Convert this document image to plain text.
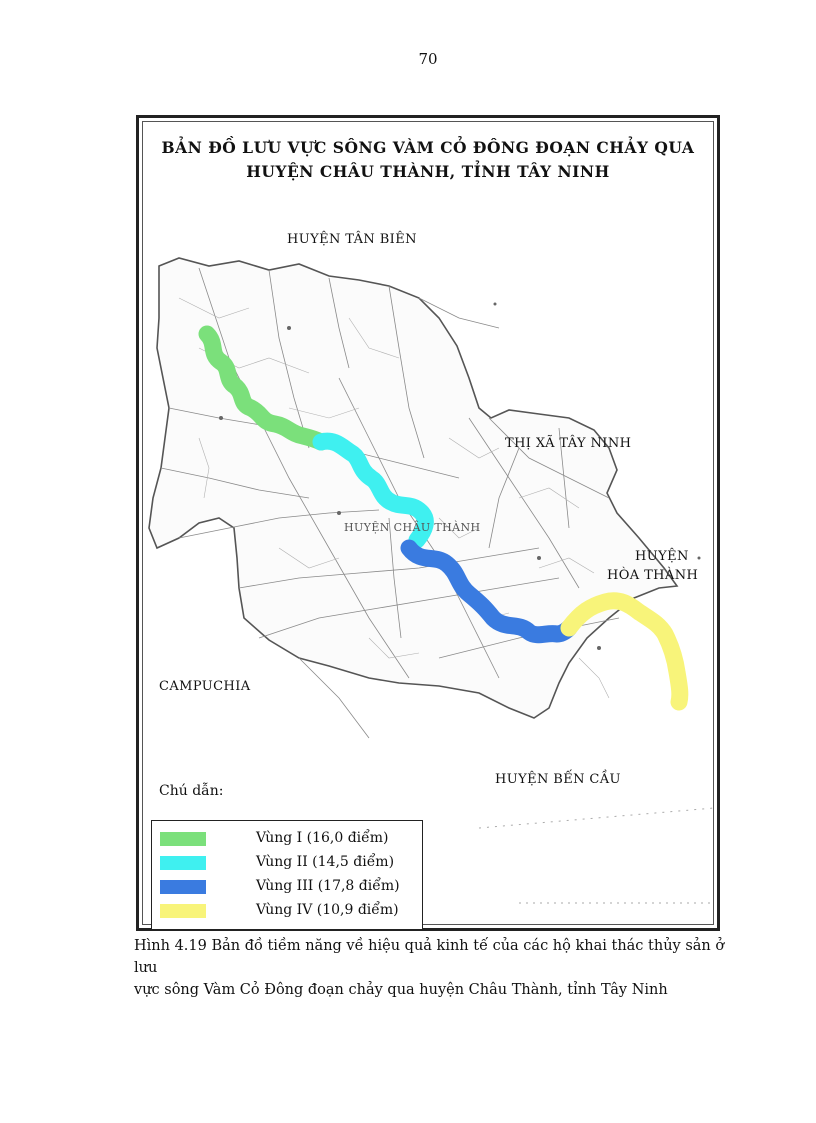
70
BẢN ĐỒ LƯU VỰC SÔNG VÀM CỎ ĐÔNG ĐOẠN CHẢY QUA
HUYỆN CHÂU THÀNH, TỈNH TÂY NINH
HUYỆN TÂN BIÊN
THỊ XÃ TÂY NINH
HUYỆN
HÒA THÀNH
HUYỆN CHÂU THÀNH
CAMPUCHIA
HUYỆN BẾN CẦU
Chú dẫn:
Vùng I (16,0 điểm)
Vùng II (14,5 điểm)
Vùng III (17,8 điểm)
Vùng IV (10,9 điểm)
Hình 4.19 Bản đồ tiềm năng về hiệu quả kinh tế của các hộ khai thác thủy sản ở lưu
vực sông Vàm Cỏ Đông đoạn chảy qua huyện Châu Thành, tỉnh Tây Ninh
